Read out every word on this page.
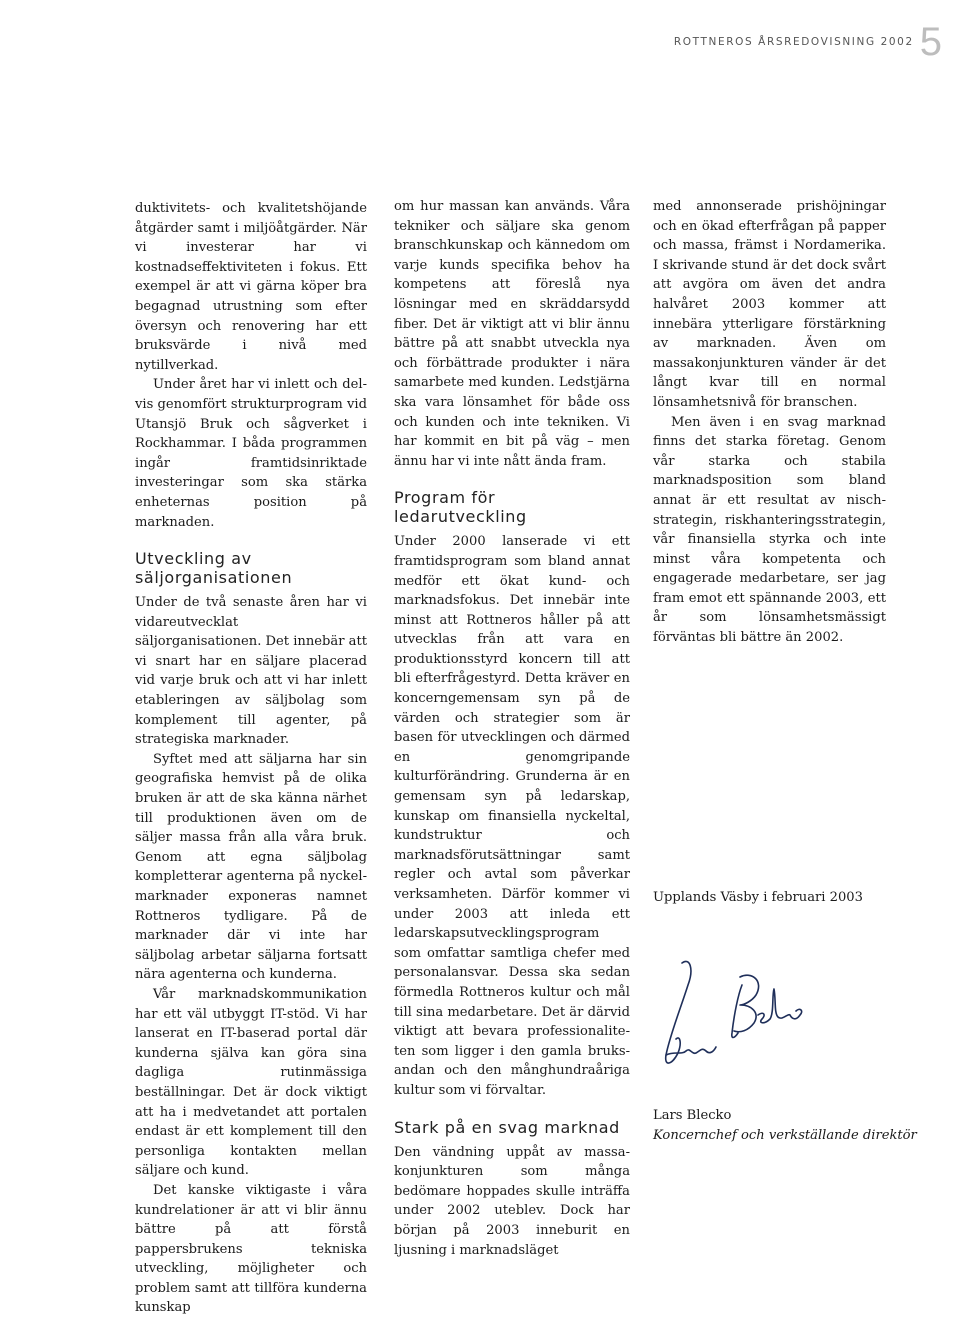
ROTTNEROS ÅRSREDOVISNING 2002 5

duktivitets- och kvalitetshöjande åtgärder samt i miljöåtgärder. När vi investerar har vi kostnadseffektiviteten i fokus. Ett exempel är att vi gärna köper bra begagnad utrustning som efter översyn och renovering har ett bruksvärde i nivå med nytillverkad.

Under året har vi inlett och delvis genomfört strukturprogram vid Utansjö Bruk och sågverket i Rockhammar. I båda programmen ingår framtidsinriktade investeringar som ska stärka enheternas position på marknaden.

Utveckling av säljorganisationen

Under de två senaste åren har vi vidareutvecklat säljorganisationen. Det innebär att vi snart har en säljare placerad vid varje bruk och att vi har inlett etableringen av säljbolag som komplement till agenter, på strategiska marknader.

Syftet med att säljarna har sin geografiska hemvist på de olika bruken är att de ska känna närhet till produktionen även om de säljer massa från alla våra bruk. Genom att egna säljbolag kompletterar agenterna på nyckelmarknader exponeras namnet Rottneros tydligare. På de marknader där vi inte har säljbolag arbetar säljarna fortsatt nära agenterna och kunderna.

Vår marknadskommunikation har ett väl utbyggt IT-stöd. Vi har lanserat en IT-baserad portal där kunderna själva kan göra sina dagliga rutinmässiga beställningar. Det är dock viktigt att ha i medvetandet att portalen endast är ett komplement till den personliga kontakten mellan säljare och kund.

Det kanske viktigaste i våra kundrelationer är att vi blir ännu bättre på att förstå pappersbrukens tekniska utveckling, möjligheter och problem samt att tillföra kunderna kunskap

om hur massan kan används. Våra tekniker och säljare ska genom branschkunskap och kännedom om varje kunds specifika behov ha kompetens att föreslå nya lösningar med en skräddarsydd fiber. Det är viktigt att vi blir ännu bättre på att snabbt utveckla nya och förbättrade produkter i nära samarbete med kunden. Ledstjärna ska vara lönsamhet för både oss och kunden och inte tekniken. Vi har kommit en bit på väg – men ännu har vi inte nått ända fram.

Program för ledarutveckling

Under 2000 lanserade vi ett framtidsprogram som bland annat medför ett ökat kund- och marknadsfokus. Det innebär inte minst att Rottneros håller på att utvecklas från att vara en produktionsstyrd koncern till att bli efterfrågestyrd. Detta kräver en koncerngemensam syn på de värden och strategier som är basen för utvecklingen och därmed en genomgripande kulturförändring. Grunderna är en gemensam syn på ledarskap, kunskap om finansiella nyckeltal, kundstruktur och marknadsförutsättningar samt regler och avtal som påverkar verksamheten. Därför kommer vi under 2003 att inleda ett ledarskapsutvecklingsprogram som omfattar samtliga chefer med personalansvar. Dessa ska sedan förmedla Rottneros kultur och mål till sina medarbetare. Det är därvid viktigt att bevara professionaliteten som ligger i den gamla bruksandan och den månghundraåriga kultur som vi förvaltar.

Stark på en svag marknad

Den vändning uppåt av massakonjunkturen som många bedömare hoppades skulle inträffa under 2002 uteblev. Dock har början på 2003 inneburit en ljusning i marknadsläget

med annonserade prishöjningar och en ökad efterfrågan på papper och massa, främst i Nordamerika. I skrivande stund är det dock svårt att avgöra om även det andra halvåret 2003 kommer att innebära ytterligare förstärkning av marknaden. Även om massakonjunkturen vänder är det långt kvar till en normal lönsamhetsnivå för branschen.

Men även i en svag marknad finns det starka företag. Genom vår starka och stabila marknadsposition som bland annat är ett resultat av nischstrategin, riskhanteringsstrategin, vår finansiella styrka och inte minst våra kompetenta och engagerade medarbetare, ser jag fram emot ett spännande 2003, ett år som lönsamhetsmässigt förväntas bli bättre än 2002.

Upplands Väsby i februari 2003
Lars Blecko
Koncernchef och verkställande direktör
